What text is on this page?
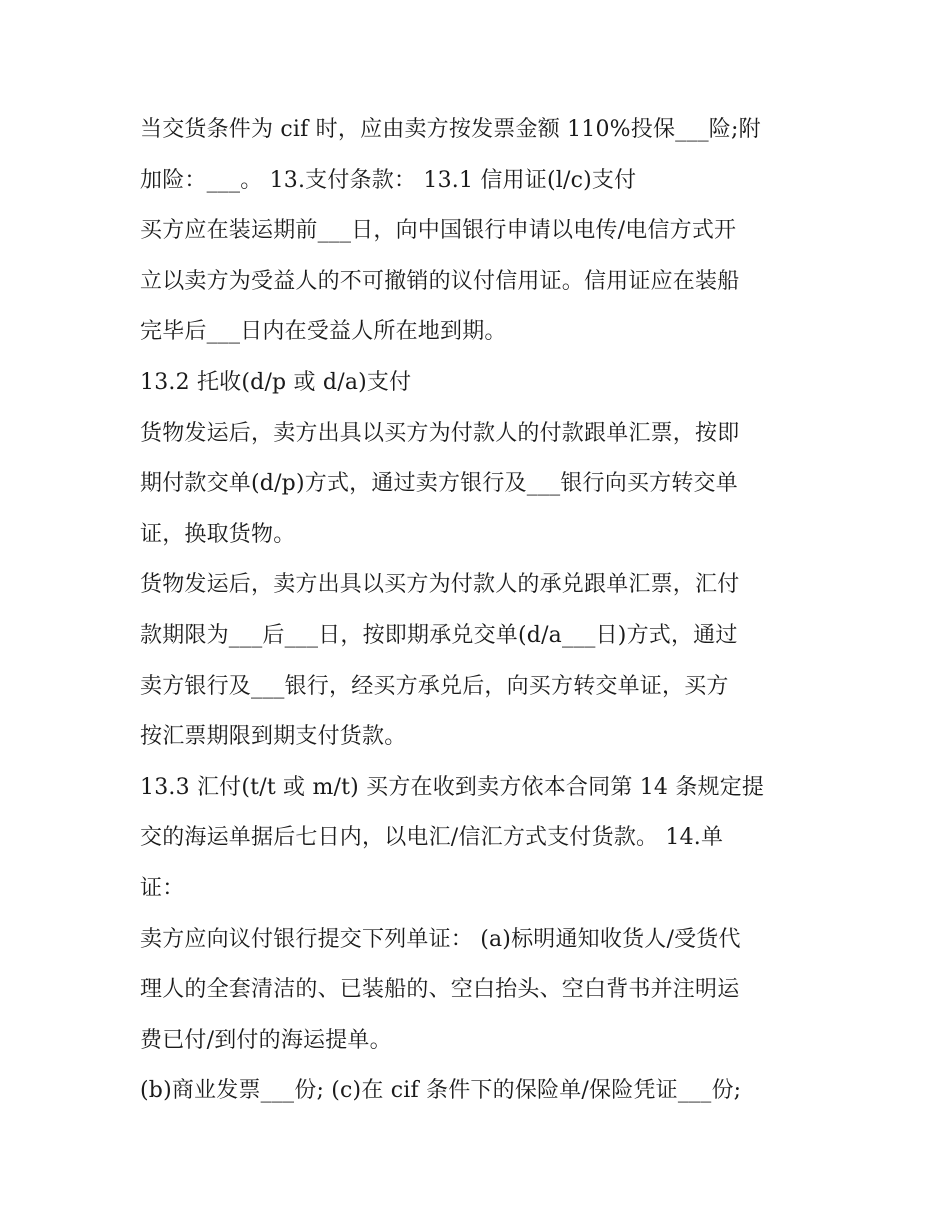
当交货条件为 cif 时，应由卖方按发票金额 110%投保___险;附
加险：___。 13.支付条款： 13.1 信用证(l/c)支付
买方应在装运期前___日，向中国银行申请以电传/电信方式开
立以卖方为受益人的不可撤销的议付信用证。信用证应在装船
完毕后___日内在受益人所在地到期。
13.2 托收(d/p 或 d/a)支付
货物发运后，卖方出具以买方为付款人的付款跟单汇票，按即
期付款交单(d/p)方式，通过卖方银行及___银行向买方转交单
证，换取货物。
货物发运后，卖方出具以买方为付款人的承兑跟单汇票，汇付
款期限为___后___日，按即期承兑交单(d/a___日)方式，通过
卖方银行及___银行，经买方承兑后，向买方转交单证，买方
按汇票期限到期支付货款。
13.3 汇付(t/t 或 m/t) 买方在收到卖方依本合同第 14 条规定提
交的海运单据后七日内，以电汇/信汇方式支付货款。 14.单
证：
卖方应向议付银行提交下列单证： (a)标明通知收货人/受货代
理人的全套清洁的、已装船的、空白抬头、空白背书并注明运
费已付/到付的海运提单。
(b)商业发票___份; (c)在 cif 条件下的保险单/保险凭证___份;
